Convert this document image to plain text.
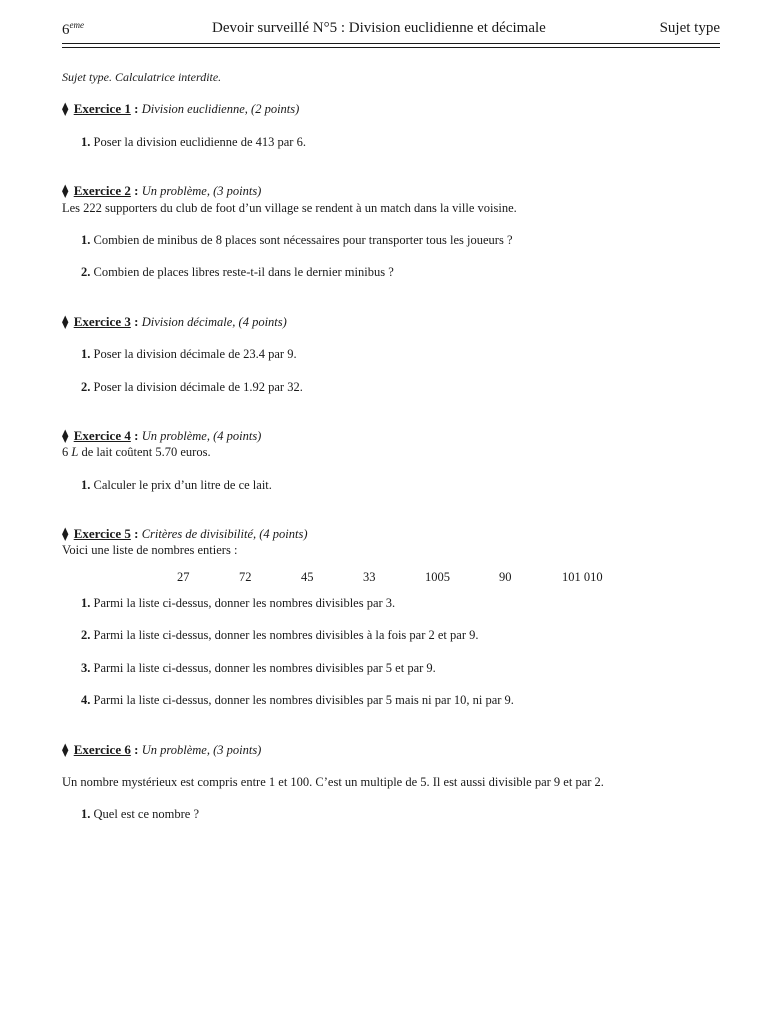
6eme	Devoir surveillé N°5 : Division euclidienne et décimale	Sujet type
Sujet type. Calculatrice interdite.
⧫ Exercice 1 : Division euclidienne, (2 points)
1. Poser la division euclidienne de 413 par 6.
⧫ Exercice 2 : Un problème, (3 points)
Les 222 supporters du club de foot d’un village se rendent à un match dans la ville voisine.
1. Combien de minibus de 8 places sont nécessaires pour transporter tous les joueurs ?
2. Combien de places libres reste-t-il dans le dernier minibus ?
⧫ Exercice 3 : Division décimale, (4 points)
1. Poser la division décimale de 23.4 par 9.
2. Poser la division décimale de 1.92 par 32.
⧫ Exercice 4 : Un problème, (4 points)
6 L de lait coûtent 5.70 euros.
1. Calculer le prix d’un litre de ce lait.
⧫ Exercice 5 : Critères de divisibilité, (4 points)
Voici une liste de nombres entiers :
27	72	45	33	1005	90	101 010
1. Parmi la liste ci-dessus, donner les nombres divisibles par 3.
2. Parmi la liste ci-dessus, donner les nombres divisibles à la fois par 2 et par 9.
3. Parmi la liste ci-dessus, donner les nombres divisibles par 5 et par 9.
4. Parmi la liste ci-dessus, donner les nombres divisibles par 5 mais ni par 10, ni par 9.
⧫ Exercice 6 : Un problème, (3 points)
Un nombre mystérieux est compris entre 1 et 100. C’est un multiple de 5. Il est aussi divisible par 9 et par 2.
1. Quel est ce nombre ?
